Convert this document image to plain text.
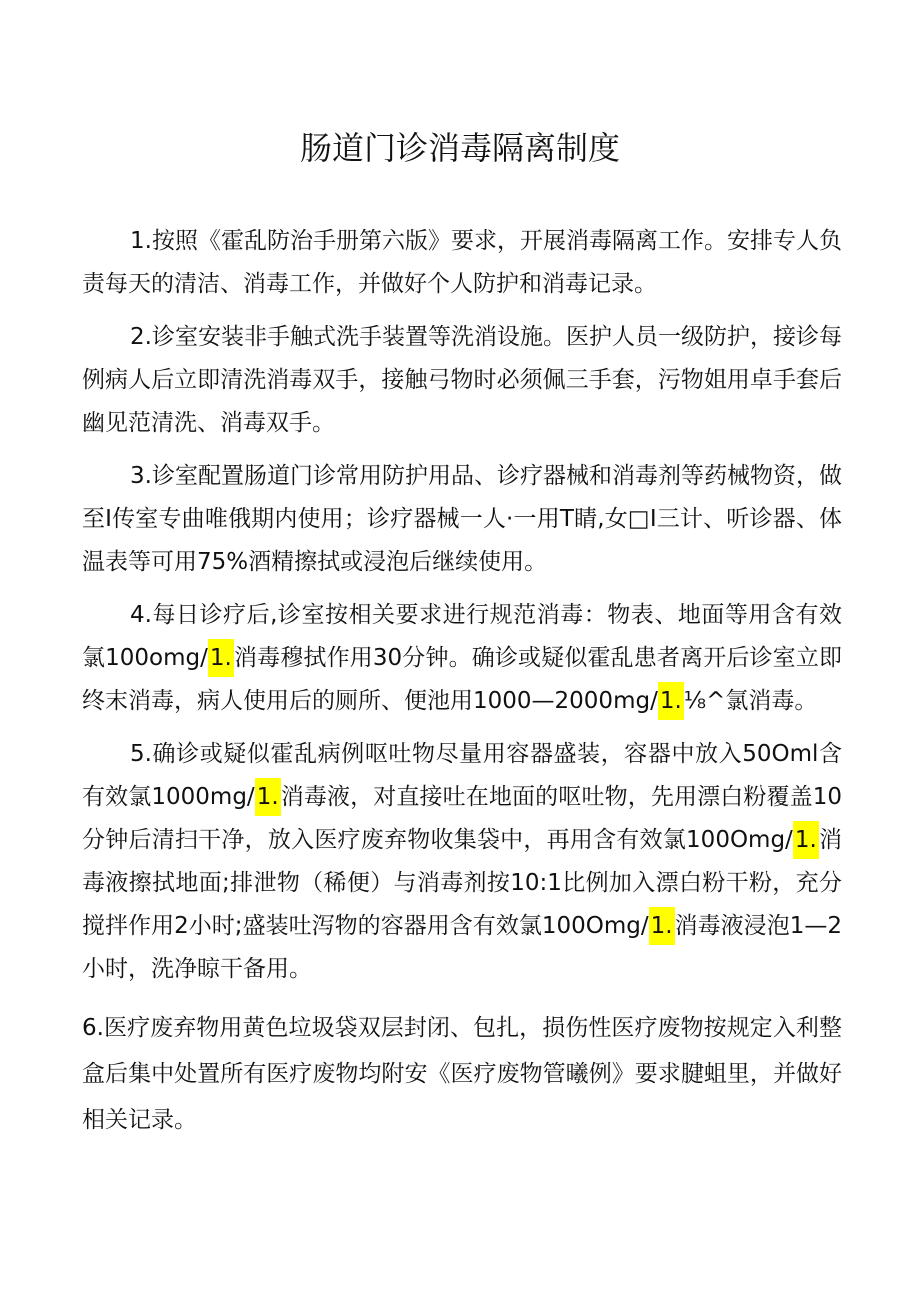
肠道门诊消毒隔离制度

1.按照《霍乱防治手册第六版》要求，开展消毒隔离工作。安排专人负责每天的清洁、消毒工作，并做好个人防护和消毒记录。

2.诊室安装非手触式洗手装置等洗消设施。医护人员一级防护，接诊每例病人后立即清洗消毒双手，接触弓物时必须佩三手套，污物姐用卓手套后幽见范清洗、消毒双手。

3.诊室配置肠道门诊常用防护用品、诊疗器械和消毒剂等药械物资，做至Ⅰ传室专曲唯俄期内使用；诊疗器械一人·一用T睛,女□Ⅰ三计、听诊器、体温表等可用75%酒精擦拭或浸泡后继续使用。

4.每日诊疗后,诊室按相关要求进行规范消毒：物表、地面等用含有效氯100omg/1.消毒穆拭作用30分钟。确诊或疑似霍乱患者离开后诊室立即终末消毒，病人使用后的厕所、便池用1000—2000mg/1.⅛^氯消毒。

5.确诊或疑似霍乱病例呕吐物尽量用容器盛装，容器中放入50Oml含有效氯1000mg/1.消毒液，对直接吐在地面的呕吐物，先用漂白粉覆盖10分钟后清扫干净，放入医疗废弃物收集袋中，再用含有效氯100Omg/1.消毒液擦拭地面;排泄物（稀便）与消毒剂按10:1比例加入漂白粉干粉，充分搅拌作用2小时;盛装吐泻物的容器用含有效氯100Omg/1.消毒液浸泡1—2小时，洗净晾干备用。

6.医疗废弃物用黄色垃圾袋双层封闭、包扎，损伤性医疗废物按规定入利整盒后集中处置所有医疗废物均附安《医疗废物管曦例》要求腱蛆里，并做好相关记录。
